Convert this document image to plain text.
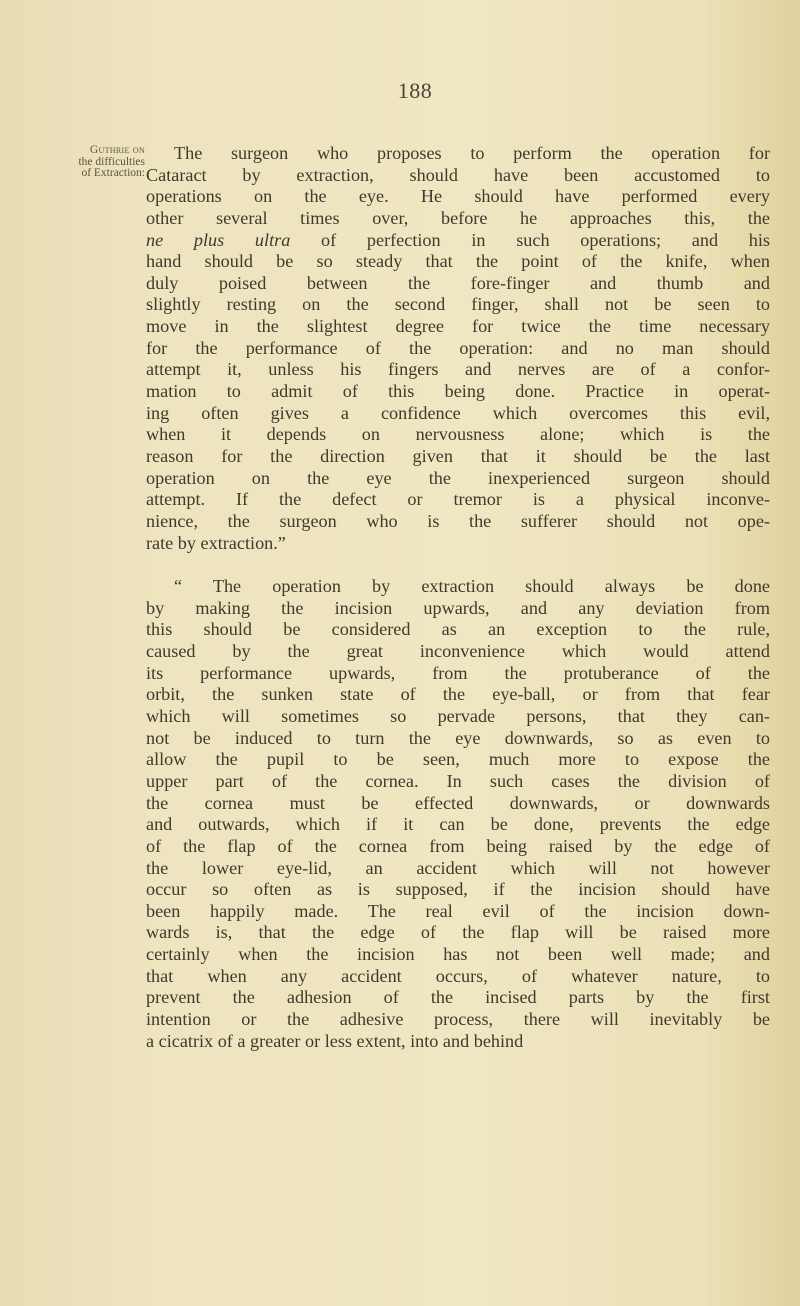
188
Guthrie on
the difficulties
of Extraction:
The surgeon who proposes to perform the operation for
Cataract by extraction, should have been accustomed to
operations on the eye. He should have performed every
other several times over, before he approaches this, the
ne plus ultra of perfection in such operations; and his
hand should be so steady that the point of the knife, when
duly poised between the fore-finger and thumb and
slightly resting on the second finger, shall not be seen to
move in the slightest degree for twice the time necessary
for the performance of the operation: and no man should
attempt it, unless his fingers and nerves are of a confor-
mation to admit of this being done. Practice in operat-
ing often gives a confidence which overcomes this evil,
when it depends on nervousness alone; which is the
reason for the direction given that it should be the last
operation on the eye the inexperienced surgeon should
attempt. If the defect or tremor is a physical inconve-
nience, the surgeon who is the sufferer should not ope-
rate by extraction.”
“ The operation by extraction should always be done
by making the incision upwards, and any deviation from
this should be considered as an exception to the rule,
caused by the great inconvenience which would attend
its performance upwards, from the protuberance of the
orbit, the sunken state of the eye-ball, or from that fear
which will sometimes so pervade persons, that they can-
not be induced to turn the eye downwards, so as even to
allow the pupil to be seen, much more to expose the
upper part of the cornea. In such cases the division of
the cornea must be effected downwards, or downwards
and outwards, which if it can be done, prevents the edge
of the flap of the cornea from being raised by the edge of
the lower eye-lid, an accident which will not however
occur so often as is supposed, if the incision should have
been happily made. The real evil of the incision down-
wards is, that the edge of the flap will be raised more
certainly when the incision has not been well made; and
that when any accident occurs, of whatever nature, to
prevent the adhesion of the incised parts by the first
intention or the adhesive process, there will inevitably be
a cicatrix of a greater or less extent, into and behind
